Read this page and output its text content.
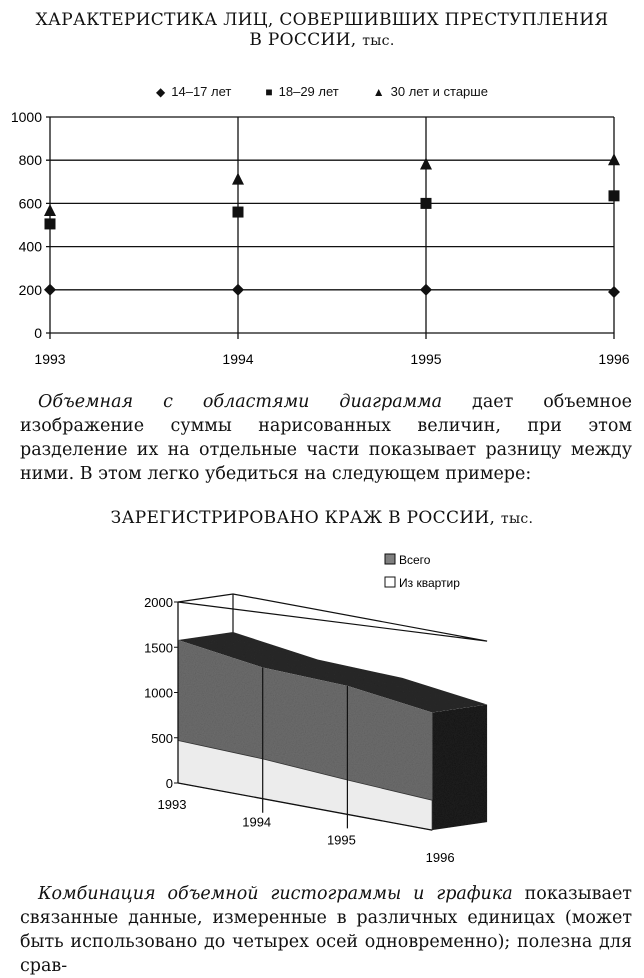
ХАРАКТЕРИСТИКА ЛИЦ, СОВЕРШИВШИХ ПРЕСТУПЛЕНИЯ
В РОССИИ, тыс.
◆ 14–17 лет	■ 18–29 лет	▲ 30 лет и старше
0
200
400
600
800
1000
1993	1994	1995	1996
Объемная с областями диаграмма дает объемное изображение суммы нарисованных величин, при этом разделение их на отдельные части показывает разницу между ними. В этом легко убедиться на следующем примере:
ЗАРЕГИСТРИРОВАНО КРАЖ В РОССИИ, тыс.
0
500
1000
1500
2000
1993
1994
1995
1996
Всего
Из квартир
Комбинация объемной гистограммы и графика показывает связанные данные, измеренные в различных единицах (может быть использовано до четырех осей одновременно); полезна для срав-
